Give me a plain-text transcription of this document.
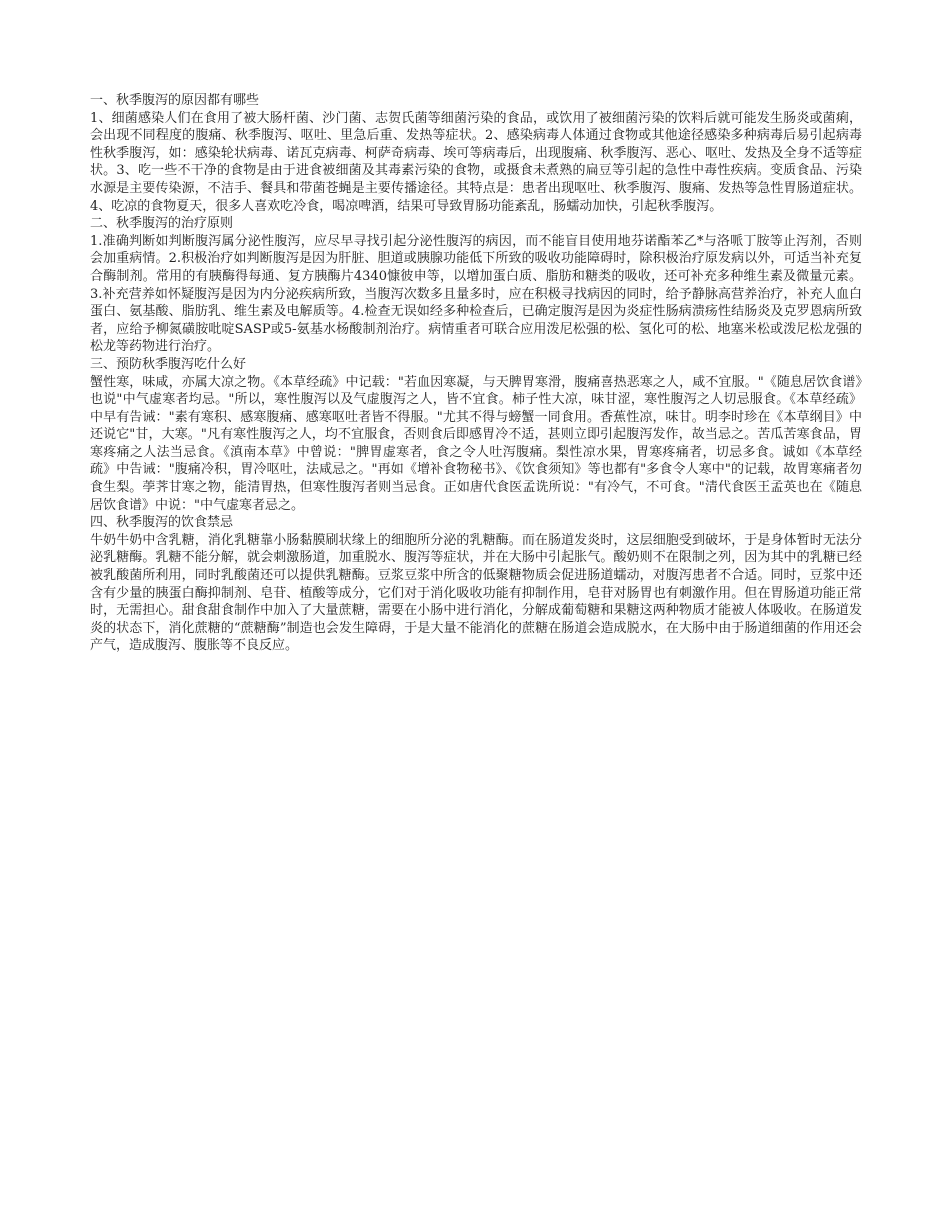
一、秋季腹泻的原因都有哪些

1、细菌感染人们在食用了被大肠杆菌、沙门菌、志贺氏菌等细菌污染的食品，或饮用了被细菌污染的饮料后就可能发生肠炎或菌痢，会出现不同程度的腹痛、秋季腹泻、呕吐、里急后重、发热等症状。2、感染病毒人体通过食物或其他途径感染多种病毒后易引起病毒性秋季腹泻，如：感染轮状病毒、诺瓦克病毒、柯萨奇病毒、埃可等病毒后，出现腹痛、秋季腹泻、恶心、呕吐、发热及全身不适等症状。3、吃一些不干净的食物是由于进食被细菌及其毒素污染的食物，或摄食未煮熟的扁豆等引起的急性中毒性疾病。变质食品、污染水源是主要传染源，不洁手、餐具和带菌苍蝇是主要传播途径。其特点是：患者出现呕吐、秋季腹泻、腹痛、发热等急性胃肠道症状。4、吃凉的食物夏天，很多人喜欢吃冷食，喝凉啤酒，结果可导致胃肠功能紊乱，肠蠕动加快，引起秋季腹泻。

二、秋季腹泻的治疗原则

1.准确判断如判断腹泻属分泌性腹泻，应尽早寻找引起分泌性腹泻的病因，而不能盲目使用地芬诺酯苯乙*与洛哌丁胺等止泻剂，否则会加重病情。2.积极治疗如判断腹泻是因为肝脏、胆道或胰腺功能低下所致的吸收功能障碍时，除积极治疗原发病以外，可适当补充复合酶制剂。常用的有胰酶得每通、复方胰酶片4340慷彼申等，以增加蛋白质、脂肪和糖类的吸收，还可补充多种维生素及微量元素。3.补充营养如怀疑腹泻是因为内分泌疾病所致，当腹泻次数多且量多时，应在积极寻找病因的同时，给予静脉高营养治疗，补充人血白蛋白、氨基酸、脂肪乳、维生素及电解质等。4.检查无误如经多种检查后，已确定腹泻是因为炎症性肠病溃疡性结肠炎及克罗恩病所致者，应给予柳氮磺胺吡啶SASP或5-氨基水杨酸制剂治疗。病情重者可联合应用泼尼松强的松、氢化可的松、地塞米松或泼尼松龙强的松龙等药物进行治疗。

三、预防秋季腹泻吃什么好

蟹性寒，味咸，亦属大凉之物。《本草经疏》中记载："若血因寒凝，与天脾胃寒滑，腹痛喜热恶寒之人，咸不宜服。"《随息居饮食谱》也说"中气虚寒者均忌。"所以，寒性腹泻以及气虚腹泻之人，皆不宜食。柿子性大凉，味甘涩，寒性腹泻之人切忌服食。《本草经疏》中早有告诫："素有寒积、感寒腹痛、感寒呕吐者皆不得服。"尤其不得与螃蟹一同食用。香蕉性凉，味甘。明李时珍在《本草纲目》中还说它"甘，大寒。"凡有寒性腹泻之人，均不宜服食，否则食后即感胃冷不适，甚则立即引起腹泻发作，故当忌之。苦瓜苦寒食品，胃寒疼痛之人法当忌食。《滇南本草》中曾说："脾胃虚寒者，食之令人吐泻腹痛。梨性凉水果，胃寒疼痛者，切忌多食。诚如《本草经疏》中告诫："腹痛冷积，胃冷呕吐，法咸忌之。"再如《增补食物秘书》、《饮食须知》等也都有"多食令人寒中"的记载，故胃寒痛者勿食生梨。荸荠甘寒之物，能清胃热，但寒性腹泻者则当忌食。正如唐代食医孟诜所说："有冷气，不可食。"清代食医王孟英也在《随息居饮食谱》中说："中气虚寒者忌之。

四、秋季腹泻的饮食禁忌

牛奶牛奶中含乳糖，消化乳糖靠小肠黏膜刷状缘上的细胞所分泌的乳糖酶。而在肠道发炎时，这层细胞受到破坏，于是身体暂时无法分泌乳糖酶。乳糖不能分解，就会刺激肠道，加重脱水、腹泻等症状，并在大肠中引起胀气。酸奶则不在限制之列，因为其中的乳糖已经被乳酸菌所利用，同时乳酸菌还可以提供乳糖酶。豆浆豆浆中所含的低聚糖物质会促进肠道蠕动，对腹泻患者不合适。同时，豆浆中还含有少量的胰蛋白酶抑制剂、皂苷、植酸等成分，它们对于消化吸收功能有抑制作用，皂苷对肠胃也有刺激作用。但在胃肠道功能正常时，无需担心。甜食甜食制作中加入了大量蔗糖，需要在小肠中进行消化，分解成葡萄糖和果糖这两种物质才能被人体吸收。在肠道发炎的状态下，消化蔗糖的“蔗糖酶”制造也会发生障碍，于是大量不能消化的蔗糖在肠道会造成脱水，在大肠中由于肠道细菌的作用还会产气，造成腹泻、腹胀等不良反应。
